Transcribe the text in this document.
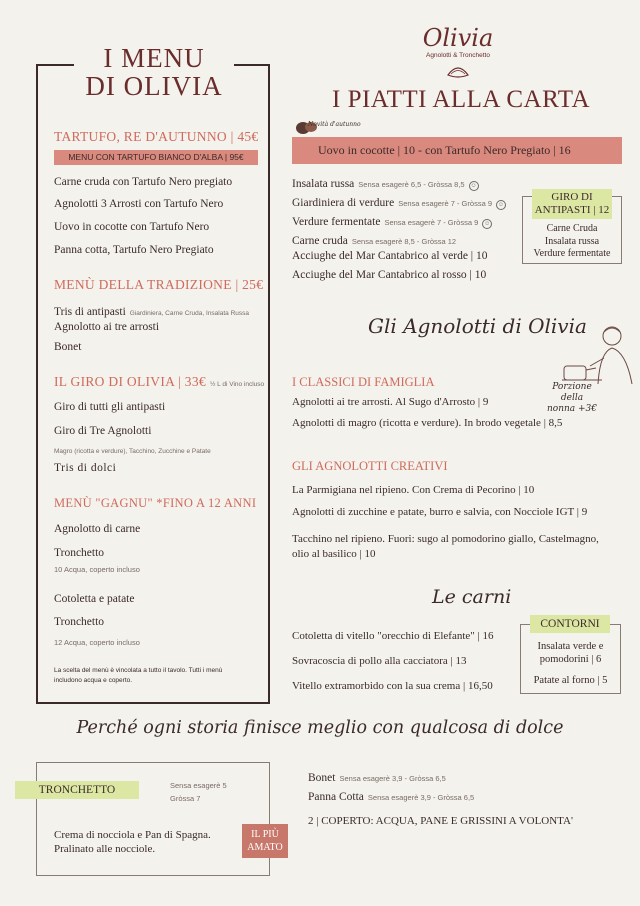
I MENU
DI OLIVIA
TARTUFO, RE D'AUTUNNO | 45€
MENU CON TARTUFO BIANCO D'ALBA | 95€
Carne cruda con Tartufo Nero pregiato
Agnolotti 3 Arrosti con Tartufo Nero
Uovo in cocotte con Tartufo Nero
Panna cotta, Tartufo Nero Pregiato
MENÙ DELLA TRADIZIONE | 25€
Tris di antipasti Giardiniera, Carne Cruda, Insalata Russa
Agnolotto ai tre arrosti
Bonet
IL GIRO DI OLIVIA | 33€ ½ L di Vino incluso
Giro di tutti gli antipasti
Giro di Tre Agnolotti
Magro (ricotta e verdure), Tacchino, Zucchine e Patate
Tris di dolci
MENÙ "GAGNU" *FINO A 12 ANNI
Agnolotto di carne
Tronchetto
10 Acqua, coperto incluso
Cotoletta e patate
Tronchetto
12 Acqua, coperto incluso
La scelta del menù è vincolata a tutto il tavolo. Tutti i menù
includono acqua e coperto.
Olivia
Agnolotti & Tronchetto
I PIATTI ALLA CARTA
Novità d'autunno
Uovo in cocotte | 10 - con Tartufo Nero Pregiato | 16
Insalata russa Sensa esagerè 6,5 - Gròssa 8,5 ☺
Giardiniera di verdure Sensa esagerè 7 - Gròssa 9 ☺
Verdure fermentate Sensa esagerè 7 - Gròssa 9 ☺
Carne cruda Sensa esagerè 8,5 - Gròssa 12
Acciughe del Mar Cantabrico al verde | 10
Acciughe del Mar Cantabrico al rosso | 10
GIRO DI
ANTIPASTI | 12
Carne Cruda
Insalata russa
Verdure fermentate
Gli Agnolotti di Olivia
Porzione della
nonna +3€
I CLASSICI DI FAMIGLIA
Agnolotti ai tre arrosti. Al Sugo d'Arrosto | 9
Agnolotti di magro (ricotta e verdure). In brodo vegetale | 8,5
GLI AGNOLOTTI CREATIVI
La Parmigiana nel ripieno. Con Crema di Pecorino | 10
Agnolotti di zucchine e patate, burro e salvia, con Nocciole IGT | 9
Tacchino nel ripieno. Fuori: sugo al pomodorino giallo, Castelmagno,
olio al basilico | 10
Le carni
Cotoletta di vitello "orecchio di Elefante" | 16
Sovracoscia di pollo alla cacciatora | 13
Vitello extramorbido con la sua crema | 16,50
CONTORNI
Insalata verde e
pomodorini | 6
Patate al forno | 5
Perché ogni storia finisce meglio con qualcosa di dolce
TRONCHETTO	Sensa esagerè 5
Gròssa 7
Crema di nocciola e Pan di Spagna.
Pralinato alle nocciole.
IL PIÙ
AMATO
Bonet Sensa esagerè 3,9 - Gròssa 6,5
Panna Cotta Sensa esagerè 3,9 - Gròssa 6,5
2 | COPERTO: ACQUA, PANE E GRISSINI A VOLONTA'
